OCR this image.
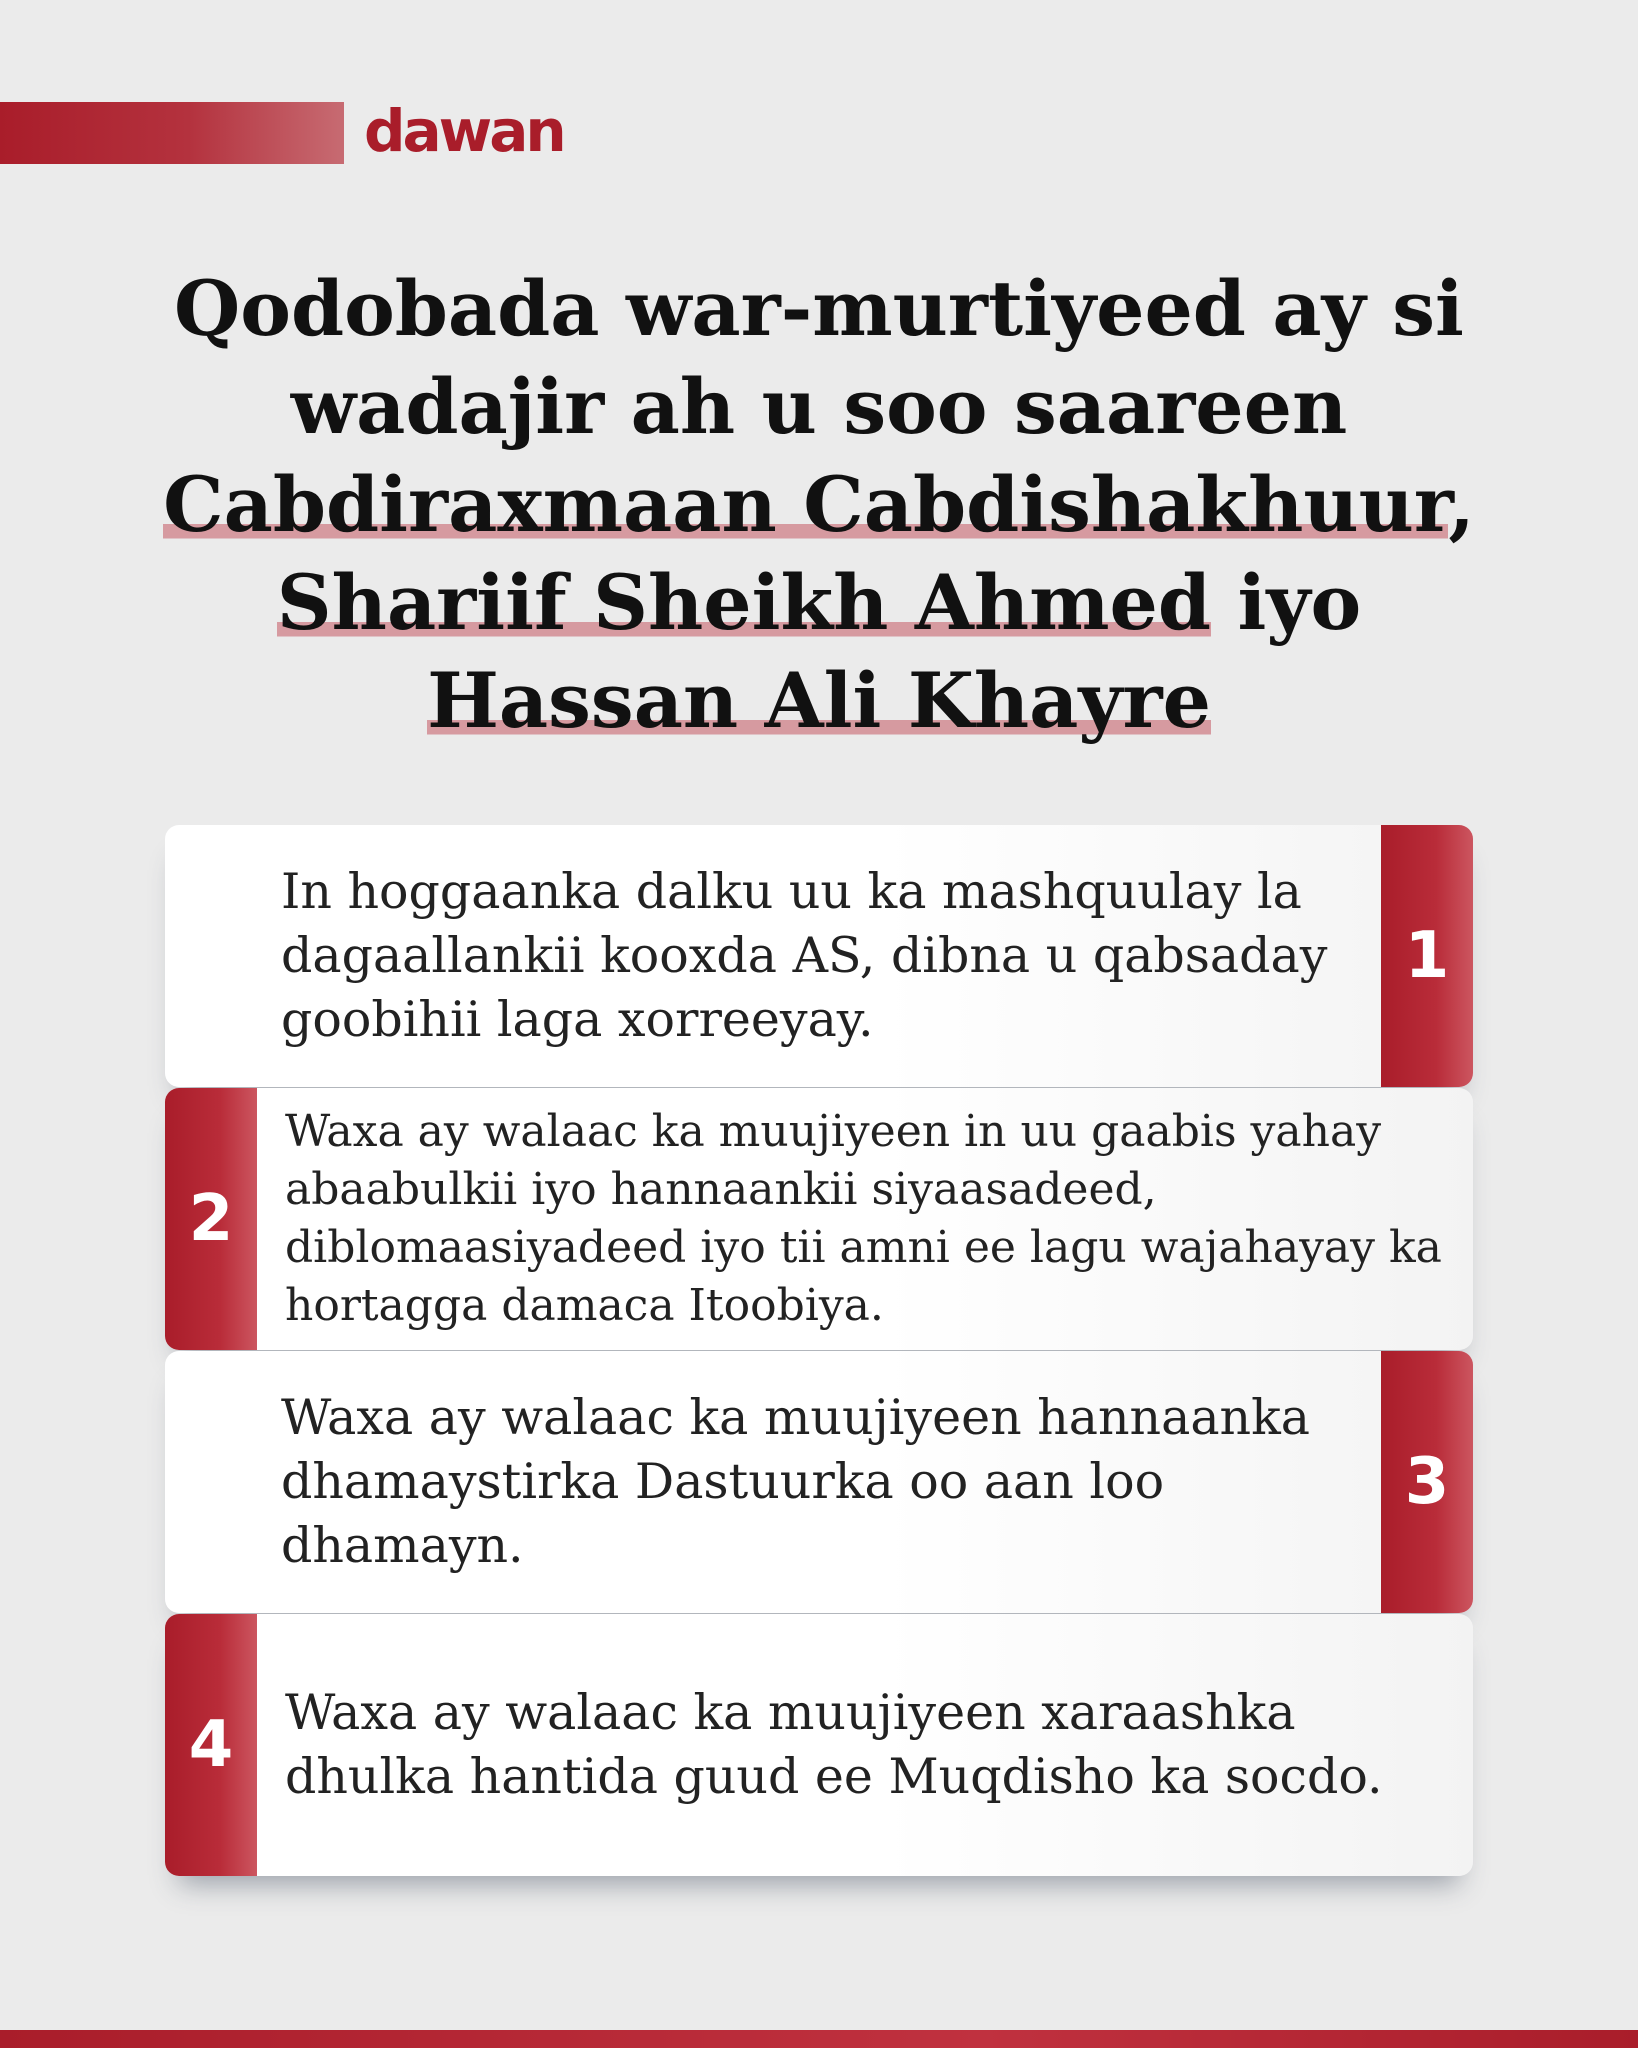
dawan
Qodobada war-murtiyeed ay si
wadajir ah u soo saareen
Cabdiraxmaan Cabdishakhuur,
Shariif Sheikh Ahmed iyo
Hassan Ali Khayre
In hoggaanka dalku uu ka mashquulay la dagaallankii kooxda AS, dibna u qabsaday goobihii laga xorreeyay.
1
2
Waxa ay walaac ka muujiyeen in uu gaabis yahay abaabulkii iyo hannaankii siyaasadeed, diblomaasiyadeed iyo tii amni ee lagu wajahayay ka hortagga damaca Itoobiya.
Waxa ay walaac ka muujiyeen hannaanka dhamaystirka Dastuurka oo aan loo dhamayn.
3
4	Waxa ay walaac ka muujiyeen xaraashka dhulka hantida guud ee Muqdisho ka socdo.
